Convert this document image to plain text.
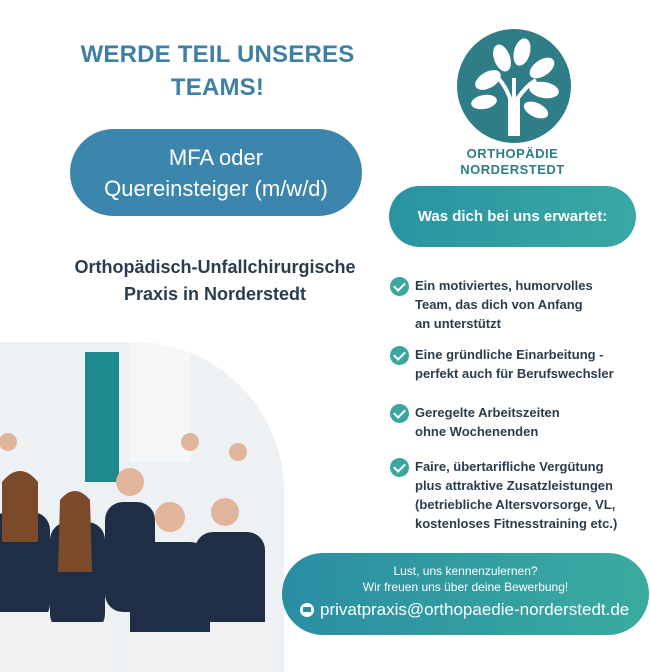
WERDE TEIL UNSERES
TEAMS!
MFA oder
Quereinsteiger (m/w/d)
Orthopädisch-Unfallchirurgische
Praxis in Norderstedt
ORTHOPÄDIE
NORDERSTEDT
Was dich bei uns erwartet:
Ein motiviertes, humorvolles
Team, das dich von Anfang
an unterstützt
Eine gründliche Einarbeitung -
perfekt auch für Berufswechsler
Geregelte Arbeitszeiten
ohne Wochenenden
Faire, übertarifliche Vergütung
plus attraktive Zusatzleistungen
(betriebliche Altersvorsorge, VL,
kostenloses Fitnesstraining etc.)
Lust, uns kennenzulernen?
Wir freuen uns über deine Bewerbung!
privatpraxis@orthopaedie-norderstedt.de
